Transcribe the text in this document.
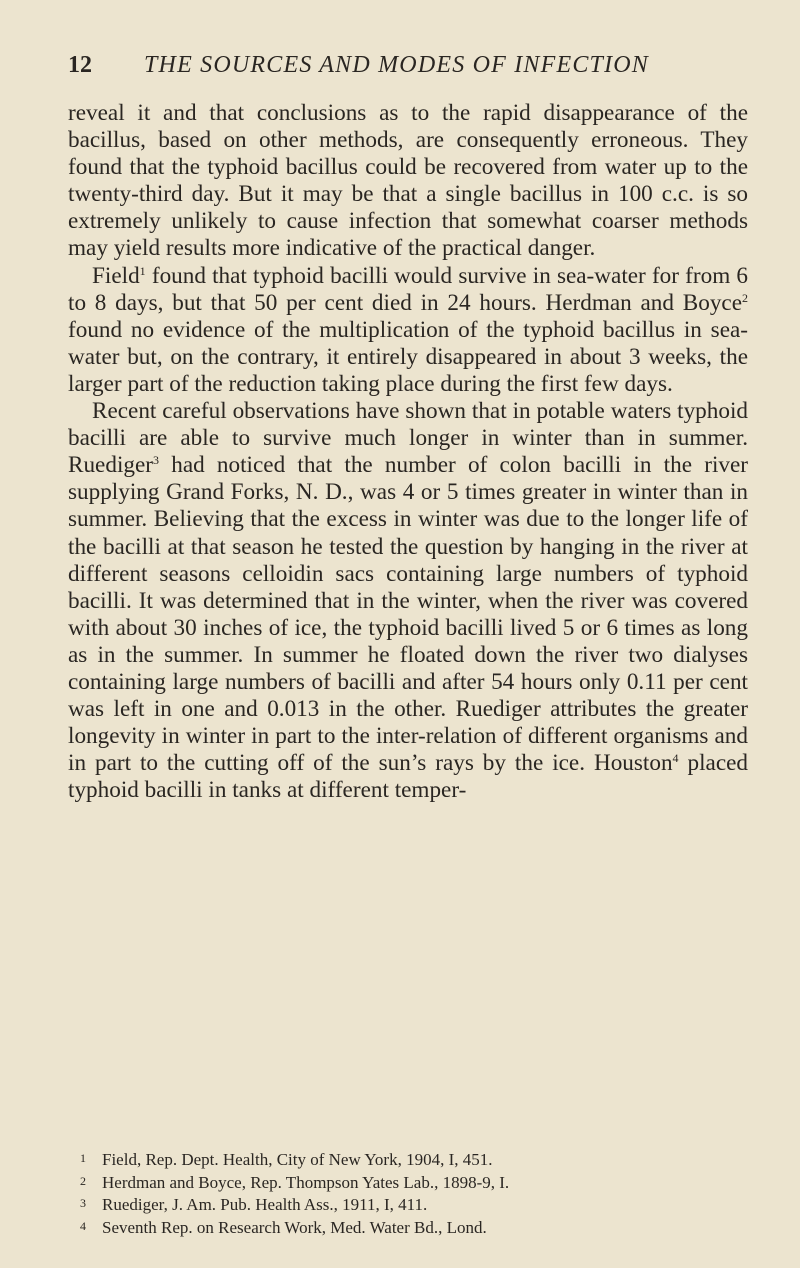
12 THE SOURCES AND MODES OF INFECTION

reveal it and that conclusions as to the rapid disappearance of the bacillus, based on other methods, are consequently erroneous. They found that the typhoid bacillus could be recovered from water up to the twenty-third day. But it may be that a single bacillus in 100 c.c. is so extremely unlikely to cause infection that somewhat coarser methods may yield results more indicative of the practical danger.

Field$^1$ found that typhoid bacilli would survive in sea-water for from 6 to 8 days, but that 50 per cent died in 24 hours. Herdman and Boyce$^2$ found no evidence of the multiplication of the typhoid bacillus in sea-water but, on the contrary, it entirely disappeared in about 3 weeks, the larger part of the reduction taking place during the first few days.

Recent careful observations have shown that in potable waters typhoid bacilli are able to survive much longer in winter than in summer. Ruediger$^3$ had noticed that the number of colon bacilli in the river supplying Grand Forks, N. D., was 4 or 5 times greater in winter than in summer. Believing that the excess in winter was due to the longer life of the bacilli at that season he tested the question by hanging in the river at different seasons celloidin sacs containing large numbers of typhoid bacilli. It was determined that in the winter, when the river was covered with about 30 inches of ice, the typhoid bacilli lived 5 or 6 times as long as in the summer. In summer he floated down the river two dialyses containing large numbers of bacilli and after 54 hours only 0.11 per cent was left in one and 0.013 in the other. Ruediger attributes the greater longevity in winter in part to the inter-relation of different organisms and in part to the cutting off of the sun’s rays by the ice. Houston$^4$ placed typhoid bacilli in tanks at different temper-

1 Field, Rep. Dept. Health, City of New York, 1904, I, 451.
2 Herdman and Boyce, Rep. Thompson Yates Lab., 1898-9, I.
3 Ruediger, J. Am. Pub. Health Ass., 1911, I, 411.
4 Seventh Rep. on Research Work, Med. Water Bd., Lond.
